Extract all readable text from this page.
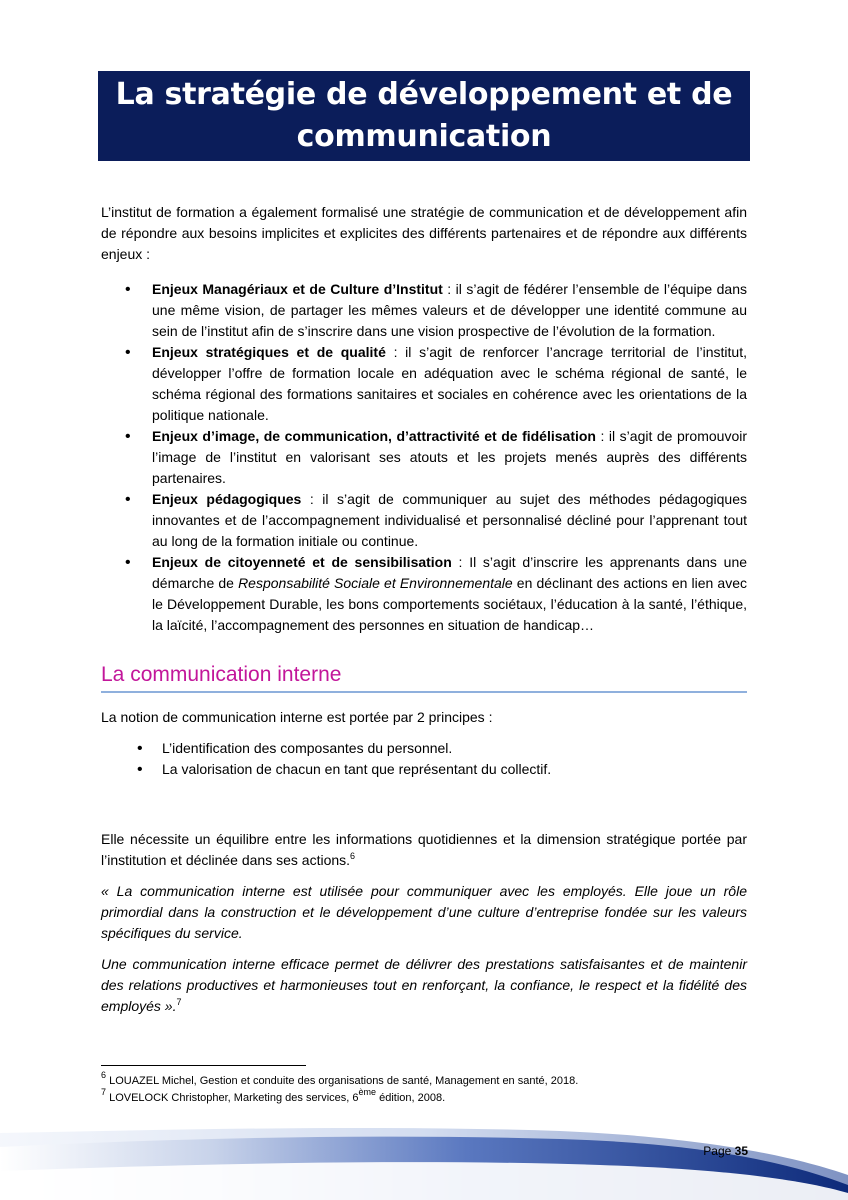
La stratégie de développement et de communication

L’institut de formation a également formalisé une stratégie de communication et de développement afin de répondre aux besoins implicites et explicites des différents partenaires et de répondre aux différents enjeux :

• Enjeux Managériaux et de Culture d’Institut : il s’agit de fédérer l’ensemble de l’équipe dans une même vision, de partager les mêmes valeurs et de développer une identité commune au sein de l’institut afin de s’inscrire dans une vision prospective de l’évolution de la formation.
• Enjeux stratégiques et de qualité : il s’agit de renforcer l’ancrage territorial de l’institut, développer l’offre de formation locale en adéquation avec le schéma régional de santé, le schéma régional des formations sanitaires et sociales en cohérence avec les orientations de la politique nationale.
• Enjeux d’image, de communication, d’attractivité et de fidélisation : il s’agit de promouvoir l’image de l’institut en valorisant ses atouts et les projets menés auprès des différents partenaires.
• Enjeux pédagogiques : il s’agit de communiquer au sujet des méthodes pédagogiques innovantes et de l’accompagnement individualisé et personnalisé décliné pour l’apprenant tout au long de la formation initiale ou continue.
• Enjeux de citoyenneté et de sensibilisation : Il s’agit d’inscrire les apprenants dans une démarche de Responsabilité Sociale et Environnementale en déclinant des actions en lien avec le Développement Durable, les bons comportements sociétaux, l’éducation à la santé, l’éthique, la laïcité, l’accompagnement des personnes en situation de handicap…
La communication interne

La notion de communication interne est portée par 2 principes :

• L’identification des composantes du personnel.
• La valorisation de chacun en tant que représentant du collectif.

Elle nécessite un équilibre entre les informations quotidiennes et la dimension stratégique portée par l’institution et déclinée dans ses actions.$^6$

« La communication interne est utilisée pour communiquer avec les employés. Elle joue un rôle primordial dans la construction et le développement d’une culture d’entreprise fondée sur les valeurs spécifiques du service.

Une communication interne efficace permet de délivrer des prestations satisfaisantes et de maintenir des relations productives et harmonieuses tout en renforçant, la confiance, le respect et la fidélité des employés ».$^7$

$^6$ LOUAZEL Michel, Gestion et conduite des organisations de santé, Management en santé, 2018.
$^7$ LOVELOCK Christopher, Marketing des services, 6ème édition, 2008.
Page 35
